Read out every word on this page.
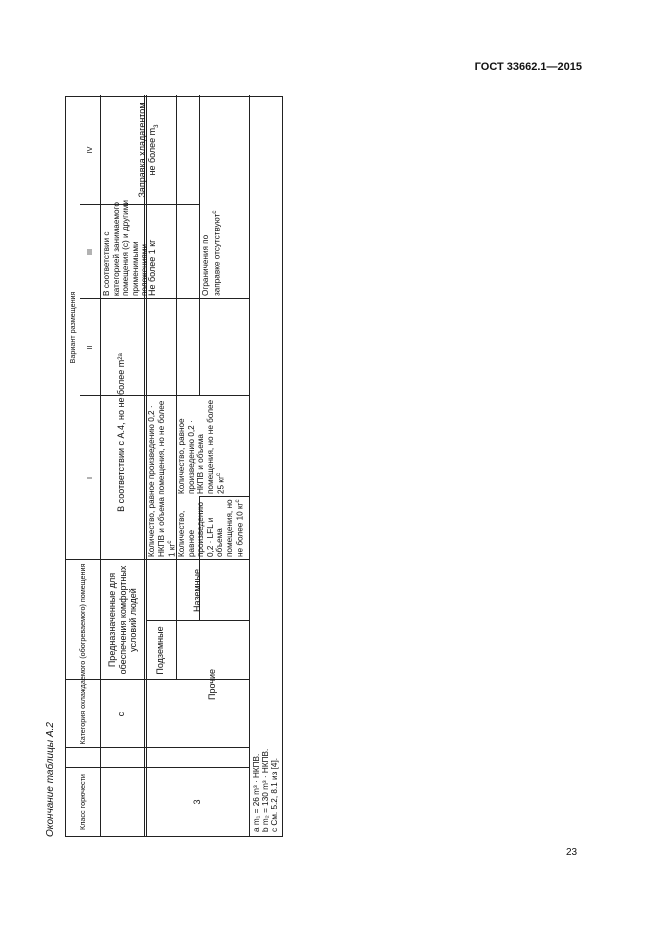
ГОСТ 33662.1—2015
Окончание таблицы А.2	Класс горючести
Категория охлаждаемого (обогреваемого) помещения
Вариант размещения
I
II
III
IV
c
3
Предназначенные для обеспечения комфортных условий людей
В соответствии с А.4, но не более m
2
a
В соответствии с категорией занимаемого помещения (с) и другими применимыми положениями
Заправка хладагентом не более $m_3$
Подземные
Количество, равное произведению 0,2 · НКПВ и объема помещения, но не более 1 $кг^c$
Не более 1 кг
Прочие
Наземные
Количество, равное произведению 0,2 · LFL и объема помещения, но не более 10 $кг^c$
Количество, равное произведению 0,2 · НКПВ и объема помещения, но не более 25 $кг^c$
Ограничения по заправке отсутствуют$^c$
a m₁ = 26 m³ · НКПВ. b m₂ = 130 m³ · НКПВ. c См. 5.2, 8.1 из [4].
23
